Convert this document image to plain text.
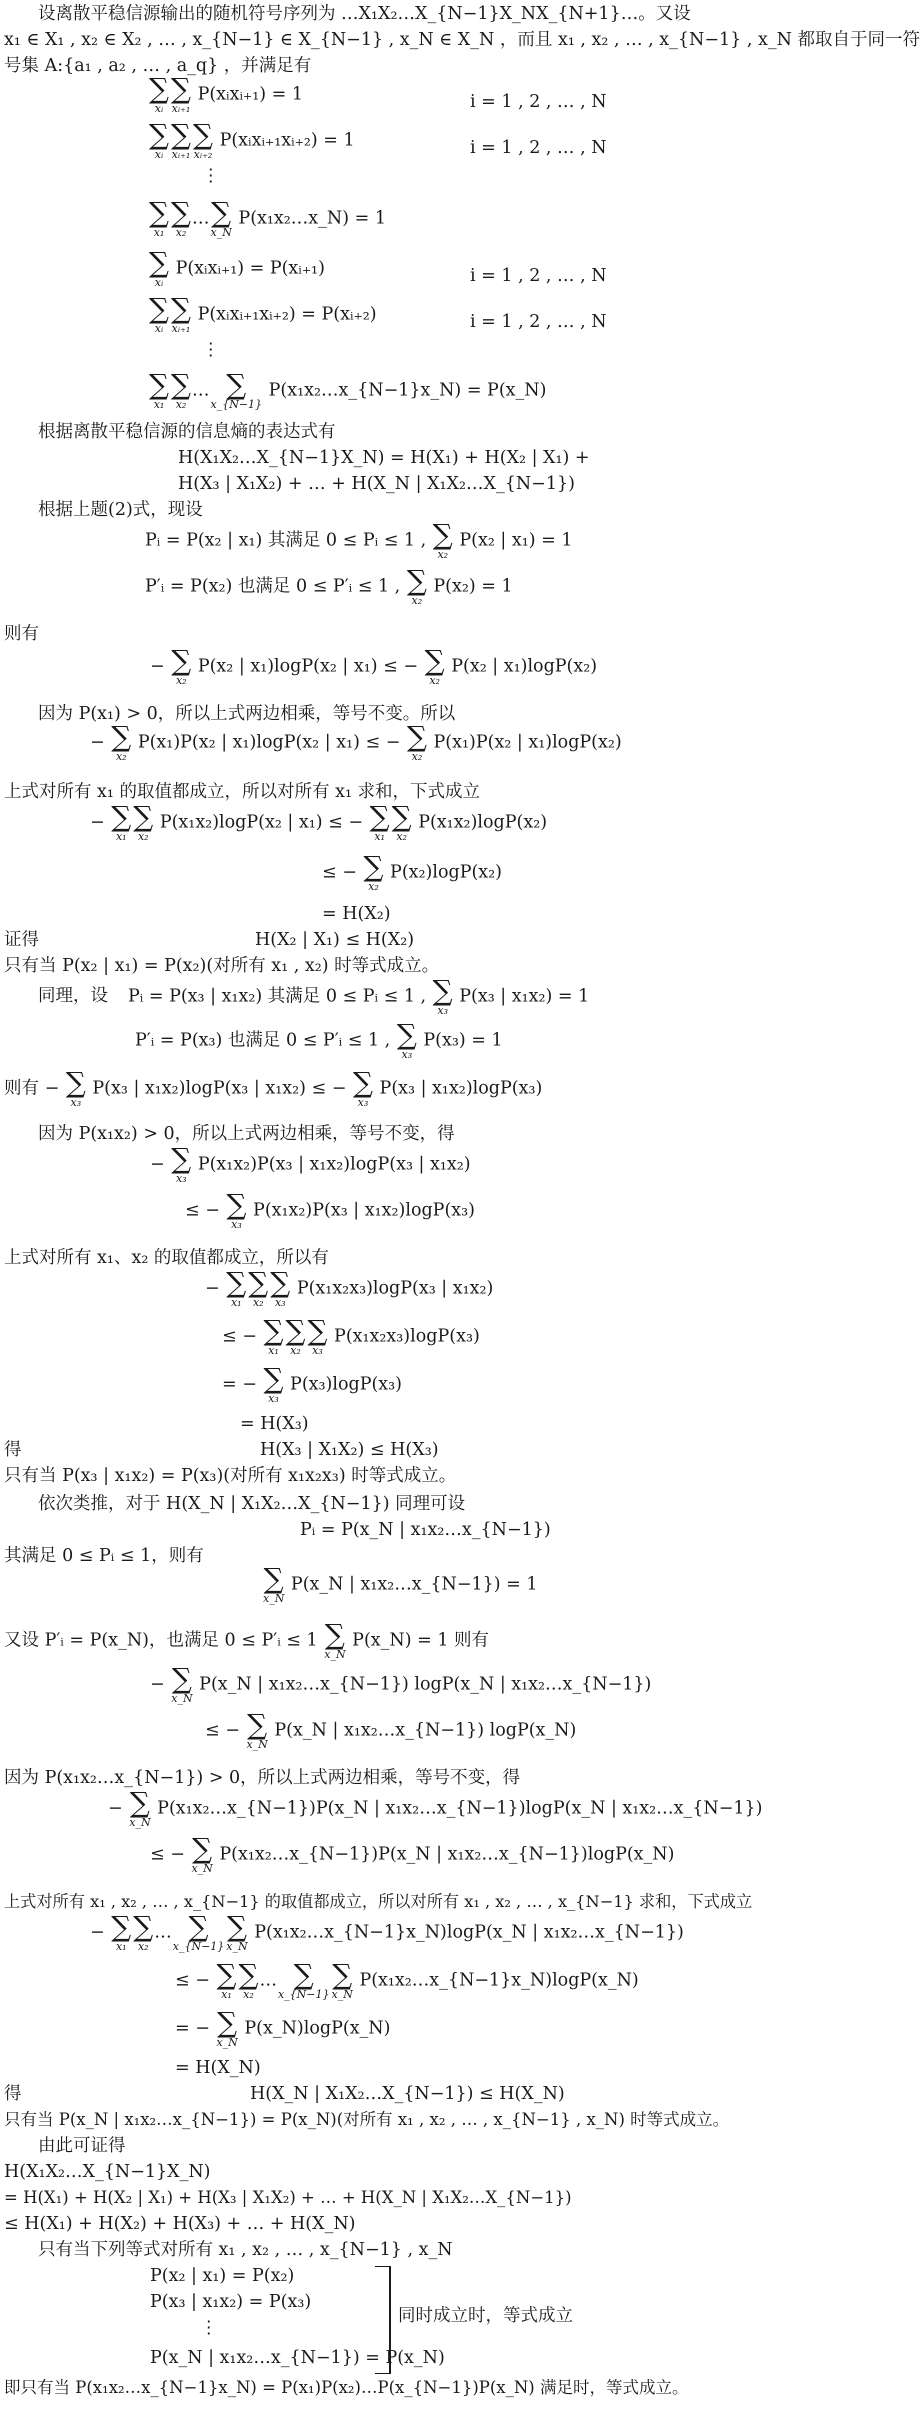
设离散平稳信源输出的随机符号序列为 …X₁X₂…X_{N−1}X_NX_{N+1}…。又设
x₁ ∈ X₁ , x₂ ∈ X₂ , … , x_{N−1} ∈ X_{N−1} , x_N ∈ X_N ，而且 x₁ , x₂ , … , x_{N−1} , x_N 都取自于同一符
号集 A:{a₁ , a₂ , … , a_q} ，并满足有
∑
xᵢ
∑
xᵢ₊₁
P(xᵢxᵢ₊₁) = 1	i = 1 , 2 , … , N
∑
xᵢ
∑
xᵢ₊₁
∑
xᵢ₊₂
P(xᵢxᵢ₊₁xᵢ₊₂) = 1	i = 1 , 2 , … , N
⋮
∑
x₁
∑
x₂
… ∑
x_N
P(x₁x₂…x_N) = 1
∑
xᵢ
P(xᵢxᵢ₊₁) = P(xᵢ₊₁)	i = 1 , 2 , … , N
∑
xᵢ
∑
xᵢ₊₁
P(xᵢxᵢ₊₁xᵢ₊₂) = P(xᵢ₊₂)	i = 1 , 2 , … , N
⋮
∑
x₁
∑
x₂
… ∑
x_{N−1}
P(x₁x₂…x_{N−1}x_N) = P(x_N)
根据离散平稳信源的信息熵的表达式有
H(X₁X₂…X_{N−1}X_N) = H(X₁) + H(X₂ | X₁) +
H(X₃ | X₁X₂) + … + H(X_N | X₁X₂…X_{N−1})
根据上题(2)式，现设
Pᵢ = P(x₂ | x₁) 其满足 0 ≤ Pᵢ ≤ 1 , ∑
x₂
P(x₂ | x₁) = 1
P′ᵢ = P(x₂) 也满足 0 ≤ P′ᵢ ≤ 1 , ∑
x₂
P(x₂) = 1
则有
− ∑
x₂
P(x₂ | x₁)logP(x₂ | x₁) ≤ − ∑
x₂
P(x₂ | x₁)logP(x₂)
因为 P(x₁) > 0，所以上式两边相乘，等号不变。所以
− ∑
x₂
P(x₁)P(x₂ | x₁)logP(x₂ | x₁) ≤ − ∑
x₂
P(x₁)P(x₂ | x₁)logP(x₂)
上式对所有 x₁ 的取值都成立，所以对所有 x₁ 求和，下式成立
− ∑
x₁
∑
x₂
P(x₁x₂)logP(x₂ | x₁) ≤ − ∑
x₁
∑
x₂
P(x₁x₂)logP(x₂)
≤ − ∑
x₂
P(x₂)logP(x₂)
= H(X₂)
证得	H(X₂ | X₁) ≤ H(X₂)
只有当 P(x₂ | x₁) = P(x₂)(对所有 x₁ , x₂) 时等式成立。
同理，设 Pᵢ = P(x₃ | x₁x₂) 其满足 0 ≤ Pᵢ ≤ 1 , ∑
x₃
P(x₃ | x₁x₂) = 1
P′ᵢ = P(x₃) 也满足 0 ≤ P′ᵢ ≤ 1 , ∑
x₃
P(x₃) = 1
则有 − ∑
x₃
P(x₃ | x₁x₂)logP(x₃ | x₁x₂) ≤ − ∑
x₃
P(x₃ | x₁x₂)logP(x₃)
因为 P(x₁x₂) > 0，所以上式两边相乘，等号不变，得
− ∑
x₃
P(x₁x₂)P(x₃ | x₁x₂)logP(x₃ | x₁x₂)
≤ − ∑
x₃
P(x₁x₂)P(x₃ | x₁x₂)logP(x₃)
上式对所有 x₁、x₂ 的取值都成立，所以有
− ∑
x₁
∑
x₂
∑
x₃
P(x₁x₂x₃)logP(x₃ | x₁x₂)
≤ − ∑
x₁
∑
x₂
∑
x₃
P(x₁x₂x₃)logP(x₃)
= − ∑
x₃
P(x₃)logP(x₃)
= H(X₃)
得	H(X₃ | X₁X₂) ≤ H(X₃)
只有当 P(x₃ | x₁x₂) = P(x₃)(对所有 x₁x₂x₃) 时等式成立。
依次类推，对于 H(X_N | X₁X₂…X_{N−1}) 同理可设
Pᵢ = P(x_N | x₁x₂…x_{N−1})
其满足 0 ≤ Pᵢ ≤ 1，则有
∑
x_N
P(x_N | x₁x₂…x_{N−1}) = 1
又设 P′ᵢ = P(x_N)，也满足 0 ≤ P′ᵢ ≤ 1 ∑
x_N
P(x_N) = 1 则有
− ∑
x_N
P(x_N | x₁x₂…x_{N−1}) logP(x_N | x₁x₂…x_{N−1})
≤ − ∑
x_N
P(x_N | x₁x₂…x_{N−1}) logP(x_N)
因为 P(x₁x₂…x_{N−1}) > 0，所以上式两边相乘，等号不变，得
− ∑
x_N
P(x₁x₂…x_{N−1})P(x_N | x₁x₂…x_{N−1})logP(x_N | x₁x₂…x_{N−1})
≤ − ∑
x_N
P(x₁x₂…x_{N−1})P(x_N | x₁x₂…x_{N−1})logP(x_N)
上式对所有 x₁ , x₂ , … , x_{N−1} 的取值都成立，所以对所有 x₁ , x₂ , … , x_{N−1} 求和，下式成立
− ∑
x₁
∑
x₂
… ∑
x_{N−1}
∑
x_N
P(x₁x₂…x_{N−1}x_N)logP(x_N | x₁x₂…x_{N−1})
≤ − ∑
x₁
∑
x₂
… ∑
x_{N−1}
∑
x_N
P(x₁x₂…x_{N−1}x_N)logP(x_N)
= − ∑
x_N
P(x_N)logP(x_N)
= H(X_N)
得	H(X_N | X₁X₂…X_{N−1}) ≤ H(X_N)
只有当 P(x_N | x₁x₂…x_{N−1}) = P(x_N)(对所有 x₁ , x₂ , … , x_{N−1} , x_N) 时等式成立。
由此可证得
H(X₁X₂…X_{N−1}X_N)
= H(X₁) + H(X₂ | X₁) + H(X₃ | X₁X₂) + … + H(X_N | X₁X₂…X_{N−1})
≤ H(X₁) + H(X₂) + H(X₃) + … + H(X_N)
只有当下列等式对所有 x₁ , x₂ , … , x_{N−1} , x_N
P(x₂ | x₁) = P(x₂)
P(x₃ | x₁x₂) = P(x₃)
⋮
P(x_N | x₁x₂…x_{N−1}) = P(x_N)
同时成立时，等式成立
即只有当 P(x₁x₂…x_{N−1}x_N) = P(x₁)P(x₂)…P(x_{N−1})P(x_N) 满足时，等式成立。
